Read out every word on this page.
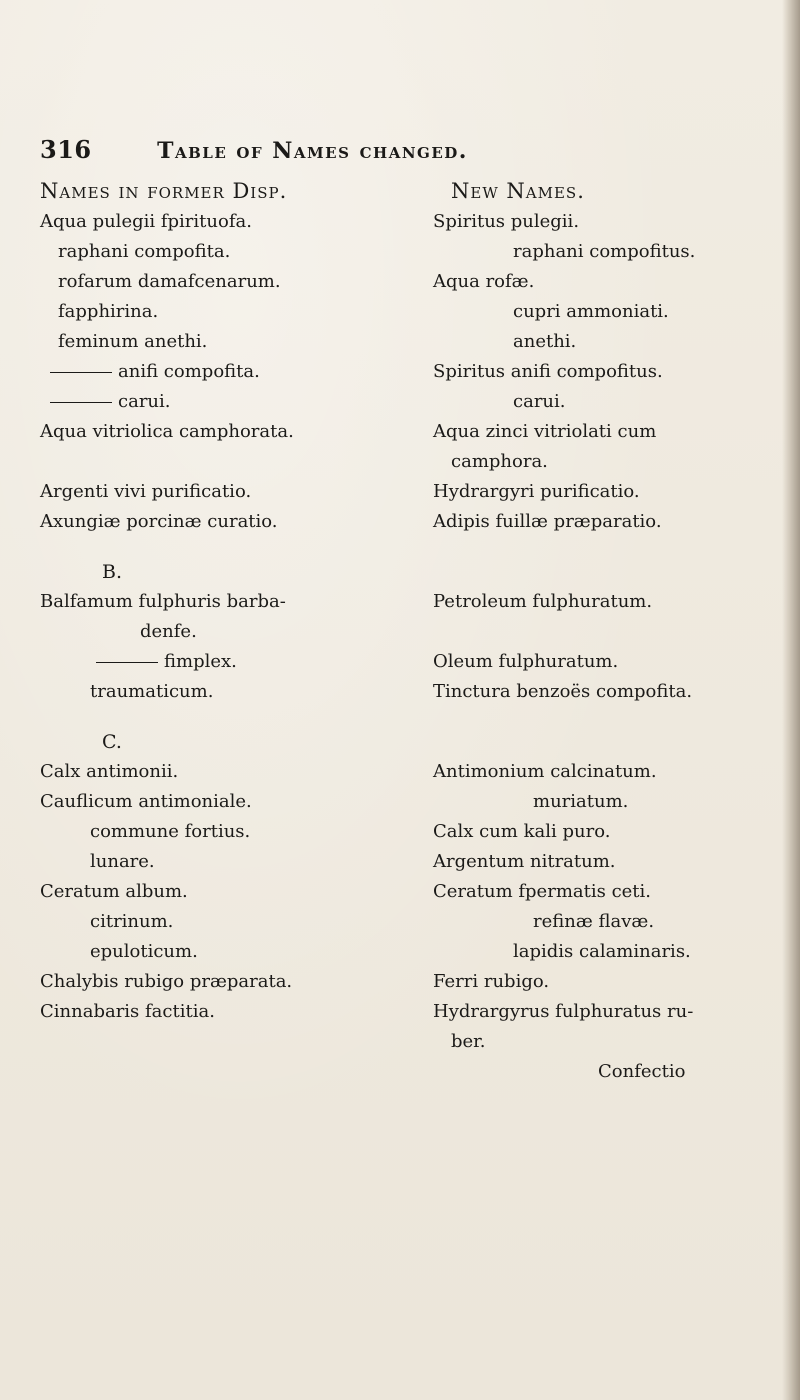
316	Table of Names changed.
Names in former Disp.
Aqua pulegii fpirituofa.
raphani compofita.
rofarum damafcenarum.
fapphirina.
feminum anethi.
anifi compofita.
carui.
Aqua vitriolica camphorata.
Argenti vivi purificatio.
Axungiæ porcinæ curatio.
B.
Balfamum fulphuris barba-
denfe.
fimplex.
traumaticum.
C.
Calx antimonii.
Cauflicum antimoniale.
commune fortius.
lunare.
Ceratum album.
citrinum.
epuloticum.
Chalybis rubigo præparata.
Cinnabaris factitia.
New Names.
Spiritus pulegii.
raphani compofitus.
Aqua rofæ.
cupri ammoniati.
anethi.
Spiritus anifi compofitus.
carui.
Aqua zinci vitriolati cum
camphora.
Hydrargyri purificatio.
Adipis fuillæ præparatio.
Petroleum fulphuratum.
Oleum fulphuratum.
Tinctura benzoës compofita.
Antimonium calcinatum.
muriatum.
Calx cum kali puro.
Argentum nitratum.
Ceratum fpermatis ceti.
refinæ flavæ.
lapidis calaminaris.
Ferri rubigo.
Hydrargyrus fulphuratus ru-
ber.
Confectio
